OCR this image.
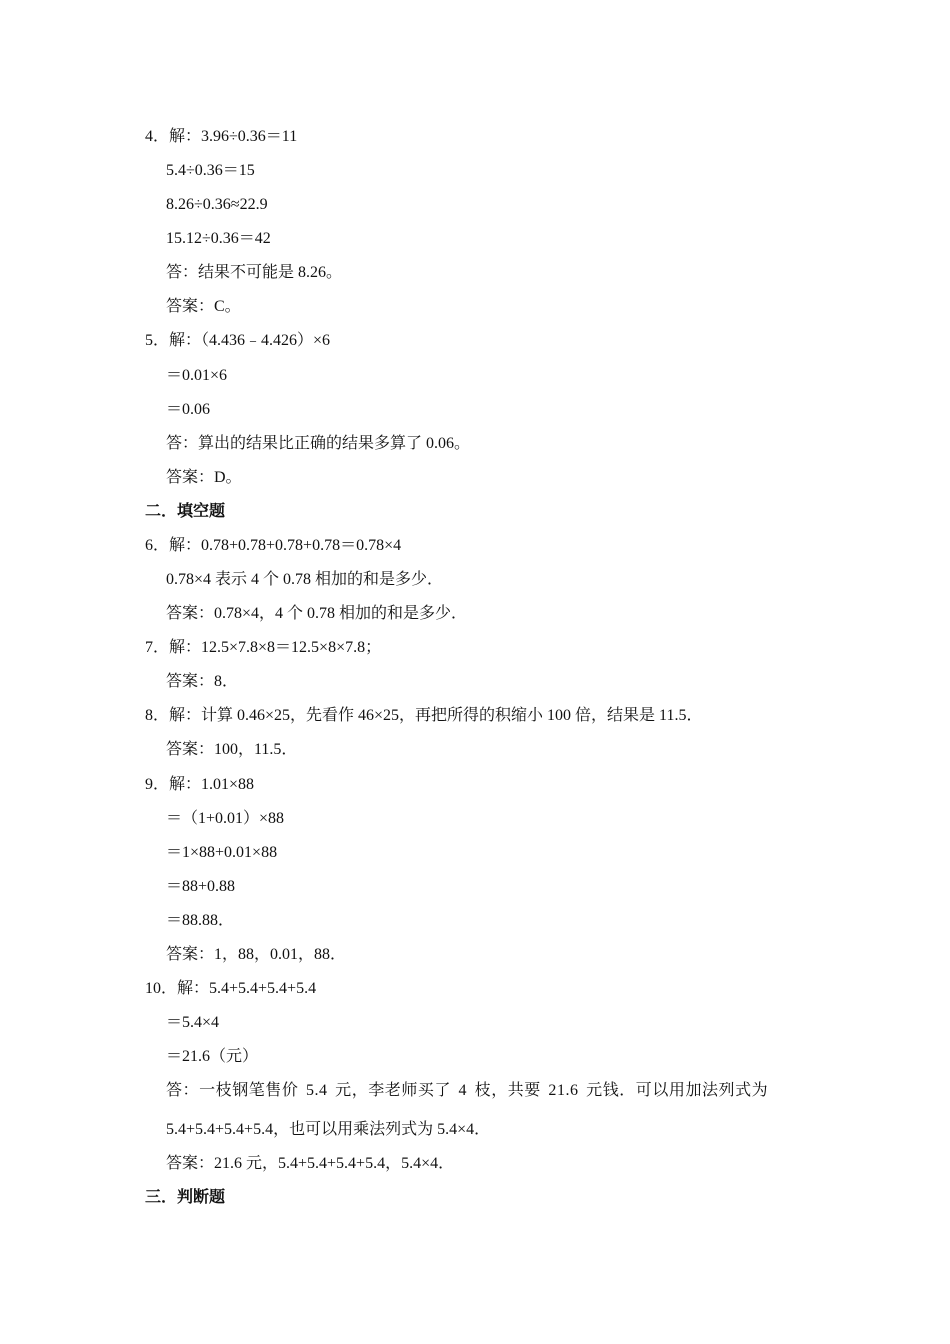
4．解：3.96÷0.36＝11

5.4÷0.36＝15

8.26÷0.36≈22.9

15.12÷0.36＝42

答：结果不可能是 8.26。

答案：C。

5．解：（4.436﹣4.426）×6

＝0.01×6

＝0.06

答：算出的结果比正确的结果多算了 0.06。

答案：D。

二．填空题

6．解：0.78+0.78+0.78+0.78＝0.78×4

0.78×4 表示 4 个 0.78 相加的和是多少．

答案：0.78×4，4 个 0.78 相加的和是多少．

7．解：12.5×7.8×8＝12.5×8×7.8；

答案：8．

8．解：计算 0.46×25，先看作 46×25，再把所得的积缩小 100 倍，结果是 11.5．

答案：100，11.5．

9．解：1.01×88

＝（1+0.01）×88

＝1×88+0.01×88

＝88+0.88

＝88.88．

答案：1，88，0.01，88．

10．解：5.4+5.4+5.4+5.4

＝5.4×4

＝21.6（元）

答：一枝钢笔售价 5.4 元，李老师买了 4 枝，共要 21.6 元钱．可以用加法列式为

5.4+5.4+5.4+5.4，也可以用乘法列式为 5.4×4．

答案：21.6 元，5.4+5.4+5.4+5.4，5.4×4．

三．判断题
